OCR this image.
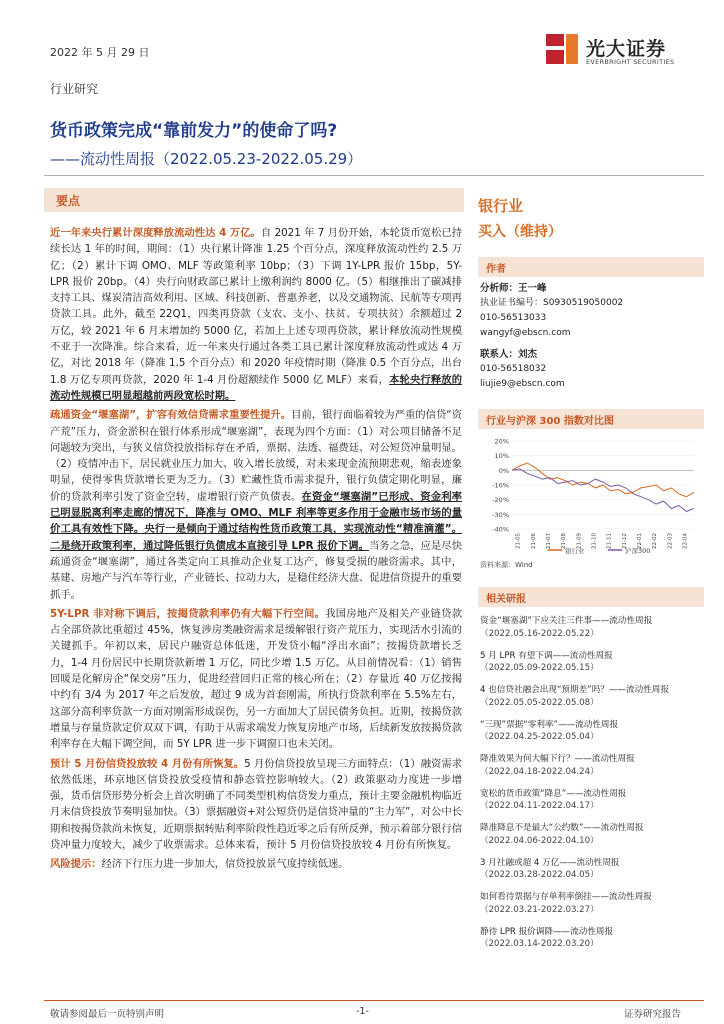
2022 年 5 月 29 日	光大证券
EVERBRIGHT SECURITIES
行业研究
货币政策完成“靠前发力”的使命了吗?
——流动性周报（2022.05.23-2022.05.29）
要点

近一年来央行累计深度释放流动性达 4 万亿。自 2021 年 7 月份开始，本轮货币宽松已持续长达 1 年的时间，期间：（1）央行累计降准 1.25 个百分点，深度释放流动性约 2.5 万亿；（2）累计下调 OMO、MLF 等政策利率 10bp；（3）下调 1Y-LPR 报价 15bp，5Y-LPR 报价 20bp。（4）央行向财政部已累计上缴利润约 8000 亿。（5）相继推出了碳减排支持工具、煤炭清洁高效利用、区域、科技创新、普惠养老，以及交通物流、民航等专项再贷款工具。此外，截至 22Q1，四类再贷款（支农、支小、扶贫、专项扶贫）余额超过 2 万亿，较 2021 年 6 月末增加约 5000 亿，若加上上述专项再贷款，累计释放流动性规模不亚于一次降准。综合来看，近一年来央行通过各类工具已累计深度释放流动性或达 4 万亿，对比 2018 年（降准 1.5 个百分点）和 2020 年疫情时期（降准 0.5 个百分点，出台 1.8 万亿专项再贷款，2020 年 1-4 月份超额续作 5000 亿 MLF）来看，本轮央行释放的流动性规模已明显超越前两段宽松时期。

疏通资金“堰塞湖”，扩容有效信贷需求重要性提升。目前，银行面临着较为严重的信贷“资产荒”压力，资金淤积在银行体系形成“堰塞湖”，表现为四个方面：（1）对公项目储备不足问题较为突出，与狭义信贷投放指标存在矛盾，票据、法透、福费廷、对公短贷冲量明显。（2）疫情冲击下，居民就业压力加大、收入增长放缓，对未来现金流预期悲观，缩表迹象明显，使得零售贷款增长更为乏力。（3）贮藏性货币需求提升，银行负债定期化明显，廉价的贷款利率引发了资金空转，虚增银行资产负债表。在资金“堰塞湖”已形成、资金利率已明显脱离利率走廊的情况下，降准与 OMO、MLF 利率等更多作用于金融市场市场的量价工具有效性下降。央行一是倾向于通过结构性货币政策工具，实现流动性“精准滴灌”。二是绕开政策利率，通过降低银行负债成本直接引导 LPR 报价下调。当务之急，应是尽快疏通资金“堰塞湖”，通过各类定向工具推动企业复工达产，修复受损的融资需求。其中，基建、房地产与汽车等行业，产业链长、拉动力大，是稳住经济大盘、促进信贷提升的重要抓手。

5Y-LPR 非对称下调后，按揭贷款利率仍有大幅下行空间。我国房地产及相关产业链贷款占全部贷款比重超过 45%，恢复涉房类融资需求是缓解银行资产荒压力，实现活水引流的关键抓手。年初以来，居民户融资总体低迷，开发贷小幅“浮出水面”；按揭贷款增长乏力，1-4 月份居民中长期贷款新增 1 万亿，同比少增 1.5 万亿。从目前情况看：（1）销售回暖是化解房企“保交房”压力，促进经营回归正常的核心所在；（2）存量近 40 万亿按揭中约有 3/4 为 2017 年之后发放，超过 9 成为首套刚需，所执行贷款利率在 5.5%左右，这部分高利率贷款一方面对刚需形成误伤，另一方面加大了居民债务负担。近期，按揭贷款增量与存量贷款定价双双下调，有助于从需求端发力恢复房地产市场，后续新发放按揭贷款利率存在大幅下调空间，而 5Y LPR 进一步下调窗口也未关闭。

预计 5 月份信贷投放较 4 月份有所恢复。5 月份信贷投放呈现三方面特点：（1）融资需求依然低迷，环京地区信贷投放受疫情和静态管控影响较大。（2）政策驱动力度进一步增强，货币信贷形势分析会上首次明确了不同类型机构信贷发力重点，预计主要金融机构临近月末信贷投放节奏明显加快。（3）票据融资+对公短贷仍是信贷冲量的“主力军”，对公中长期和按揭贷款尚未恢复，近期票据转贴利率阶段性趋近零之后有所反弹，预示着部分银行信贷冲量力度较大，减少了收票需求。总体来看，预计 5 月份信贷投放较 4 月份有所恢复。

风险提示：经济下行压力进一步加大，信贷投放景气度持续低迷。

银行业
买入（维持）
作者
分析师：王一峰
执业证书编号：S0930519050002
010-56513033
wangyf@ebscn.com
联系人：刘杰
010-56518032
liujie9@ebscn.com
行业与沪深 300 指数对比图
20%
10%
0%
-10%
-20%
-30%
-40%
21-05 21-06 21-07 21-08 21-09 21-10 21-11 21-12 22-01 22-02 22-03 22-04
银行业	沪深300
资料来源：Wind
相关研报
资金“堰塞湖”下应关注三件事——流动性周报
（2022.05.16-2022.05.22）
5 月 LPR 有望下调——流动性周报
（2022.05.09-2022.05.15）
4 也信贷社融会出现“预期差”吗？——流动性周报
（2022.05.05-2022.05.08）
“三现”票据“零利率”——流动性周报
（2022.04.25-2022.05.04）
降准效果为何大幅下行？——流动性周报
（2022.04.18-2022.04.24）
宽松的货币政策“降息”——流动性周报
（2022.04.11-2022.04.17）
降准降息不是最大“公约数”——流动性周报
（2022.04.06-2022.04.10）
3 月社融或超 4 万亿——流动性周报
（2022.03.28-2022.04.05）
如何看待票据与存单利率倒挂——流动性周报
（2022.03.21-2022.03.27）
静待 LPR 报价调降——流动性周报
（2022.03.14-2022.03.20）
敬请参阅最后一页特别声明	-1-	证券研究报告
